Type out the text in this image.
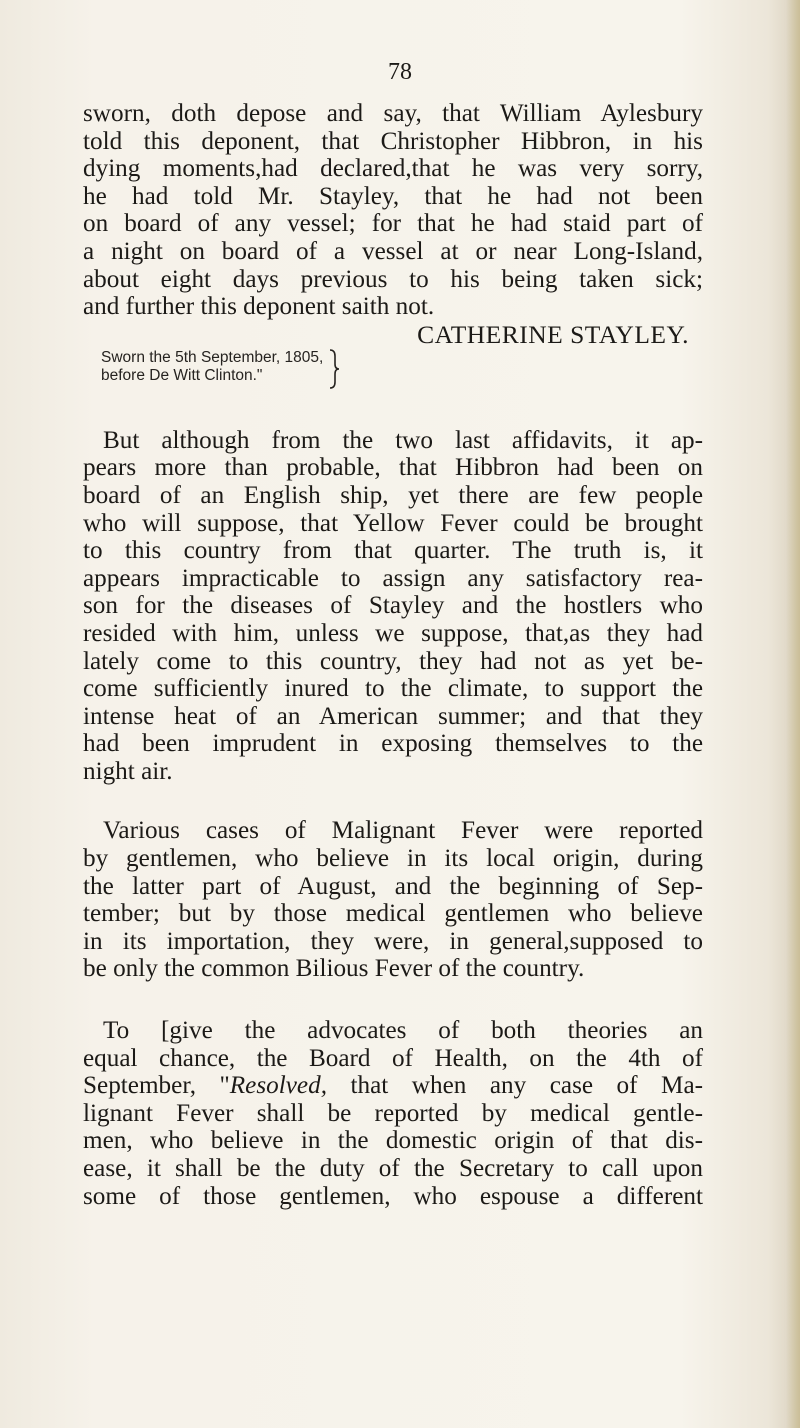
78
sworn, doth depose and say, that William Aylesbury
told this deponent, that Christopher Hibbron, in his
dying moments,had declared,that he was very sorry,
he had told Mr. Stayley, that he had not been
on board of any vessel; for that he had staid part of
a night on board of a vessel at or near Long-Island,
about eight days previous to his being taken sick;
and further this deponent saith not.
CATHERINE STAYLEY.
Sworn the 5th September, 1805,
before De Witt Clinton."
But although from the two last affidavits, it ap-
pears more than probable, that Hibbron had been on
board of an English ship, yet there are few people
who will suppose, that Yellow Fever could be brought
to this country from that quarter. The truth is, it
appears impracticable to assign any satisfactory rea-
son for the diseases of Stayley and the hostlers who
resided with him, unless we suppose, that,as they had
lately come to this country, they had not as yet be-
come sufficiently inured to the climate, to support the
intense heat of an American summer; and that they
had been imprudent in exposing themselves to the
night air.
Various cases of Malignant Fever were reported
by gentlemen, who believe in its local origin, during
the latter part of August, and the beginning of Sep-
tember; but by those medical gentlemen who believe
in its importation, they were, in general,supposed to
be only the common Bilious Fever of the country.
To [give the advocates of both theories an
equal chance, the Board of Health, on the 4th of
September, "Resolved, that when any case of Ma-
lignant Fever shall be reported by medical gentle-
men, who believe in the domestic origin of that dis-
ease, it shall be the duty of the Secretary to call upon
some of those gentlemen, who espouse a different
